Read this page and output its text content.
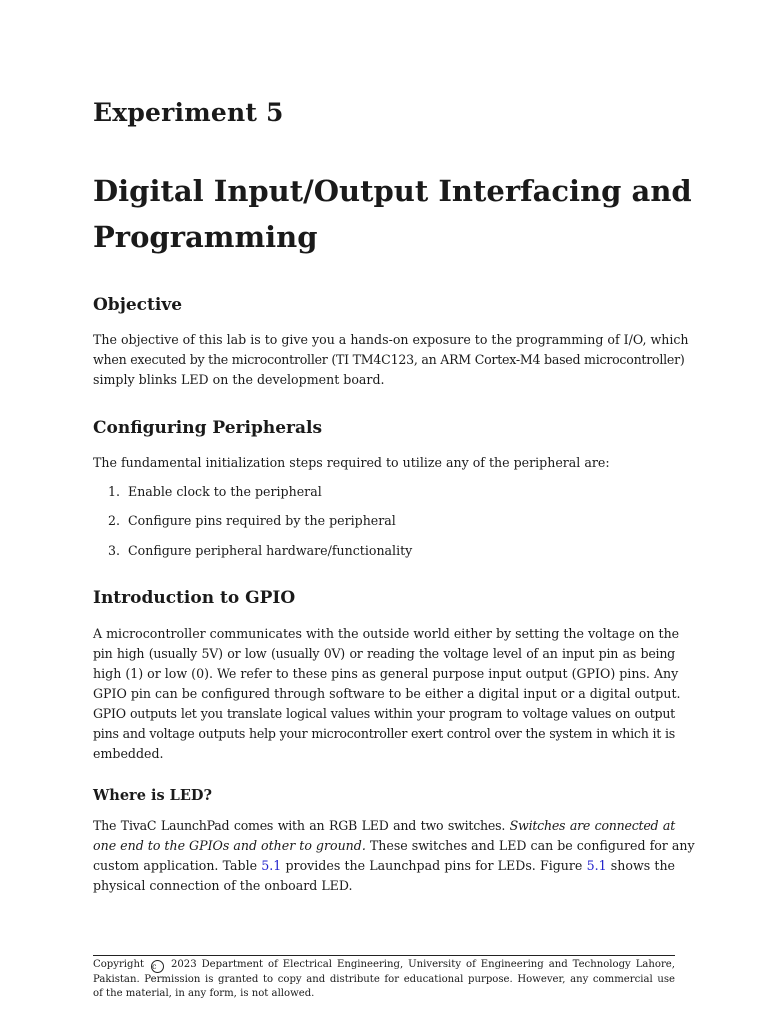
Experiment 5
Digital Input/Output Interfacing and
Programming
Objective

The objective of this lab is to give you a hands-on exposure to the programming of I/O, which
when executed by the microcontroller (TI TM4C123, an ARM Cortex-M4 based microcontroller)
simply blinks LED on the development board.

Configuring Peripherals

The fundamental initialization steps required to utilize any of the peripheral are:

1. Enable clock to the peripheral

2. Configure pins required by the peripheral

3. Configure peripheral hardware/functionality

Introduction to GPIO

A microcontroller communicates with the outside world either by setting the voltage on the
pin high (usually 5V) or low (usually 0V) or reading the voltage level of an input pin as being
high (1) or low (0). We refer to these pins as general purpose input output (GPIO) pins. Any
GPIO pin can be configured through software to be either a digital input or a digital output.
GPIO outputs let you translate logical values within your program to voltage values on output
pins and voltage outputs help your microcontroller exert control over the system in which it is
embedded.

Where is LED?

The TivaC LaunchPad comes with an RGB LED and two switches. Switches are connected at
one end to the GPIOs and other to ground. These switches and LED can be configured for any
custom application. Table 5.1 provides the Launchpad pins for LEDs. Figure 5.1 shows the
physical connection of the onboard LED.

Copyright c 2023 Department of Electrical Engineering, University of Engineering and Technology Lahore,
Pakistan. Permission is granted to copy and distribute for educational purpose. However, any commercial use
of the material, in any form, is not allowed.
